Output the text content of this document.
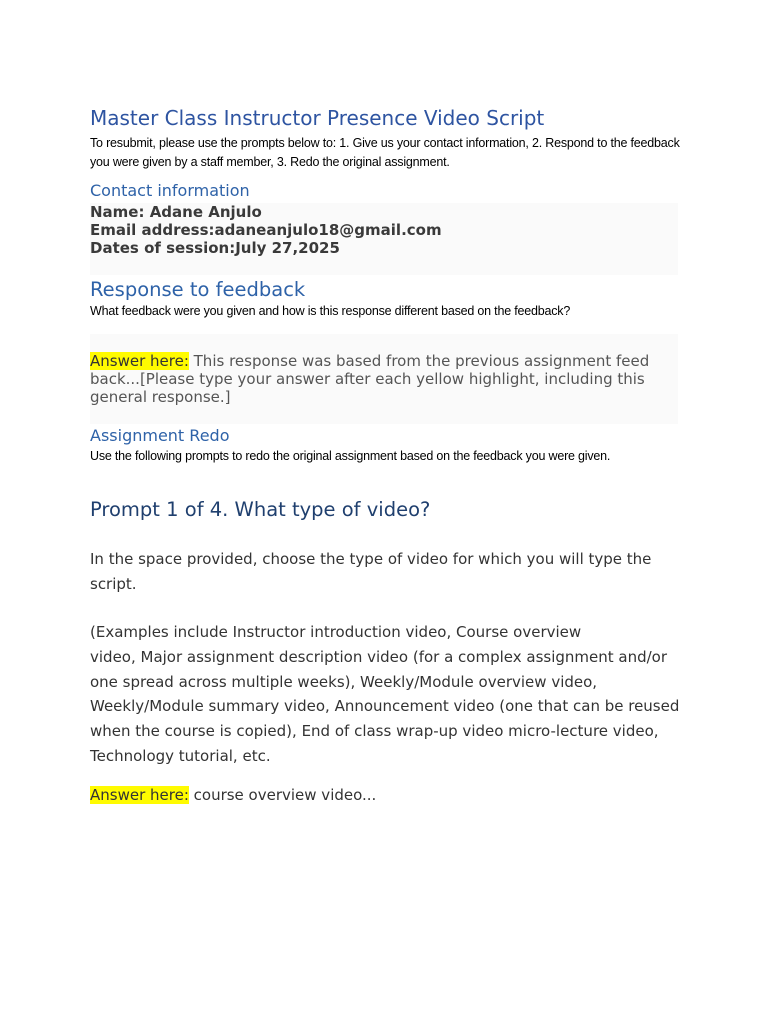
Master Class Instructor Presence Video Script
To resubmit, please use the prompts below to: 1. Give us your contact information, 2. Respond to the feedback you were given by a staff member, 3. Redo the original assignment.
Contact information
Name: Adane Anjulo
Email address:adaneanjulo18@gmail.com
Dates of session:July 27,2025
Response to feedback
What feedback were you given and how is this response different based on the feedback?
Answer here: This response was based from the previous assignment feed back...[Please type your answer after each yellow highlight, including this general response.]
Assignment Redo
Use the following prompts to redo the original assignment based on the feedback you were given.
Prompt 1 of 4. What type of video?
In the space provided, choose the type of video for which you will type the script.
(Examples include Instructor introduction video, Course overview
video, Major assignment description video (for a complex assignment and/or one spread across multiple weeks), Weekly/Module overview video, Weekly/Module summary video, Announcement video (one that can be reused when the course is copied), End of class wrap-up video micro-lecture video, Technology tutorial, etc.
Answer here: course overview video...
